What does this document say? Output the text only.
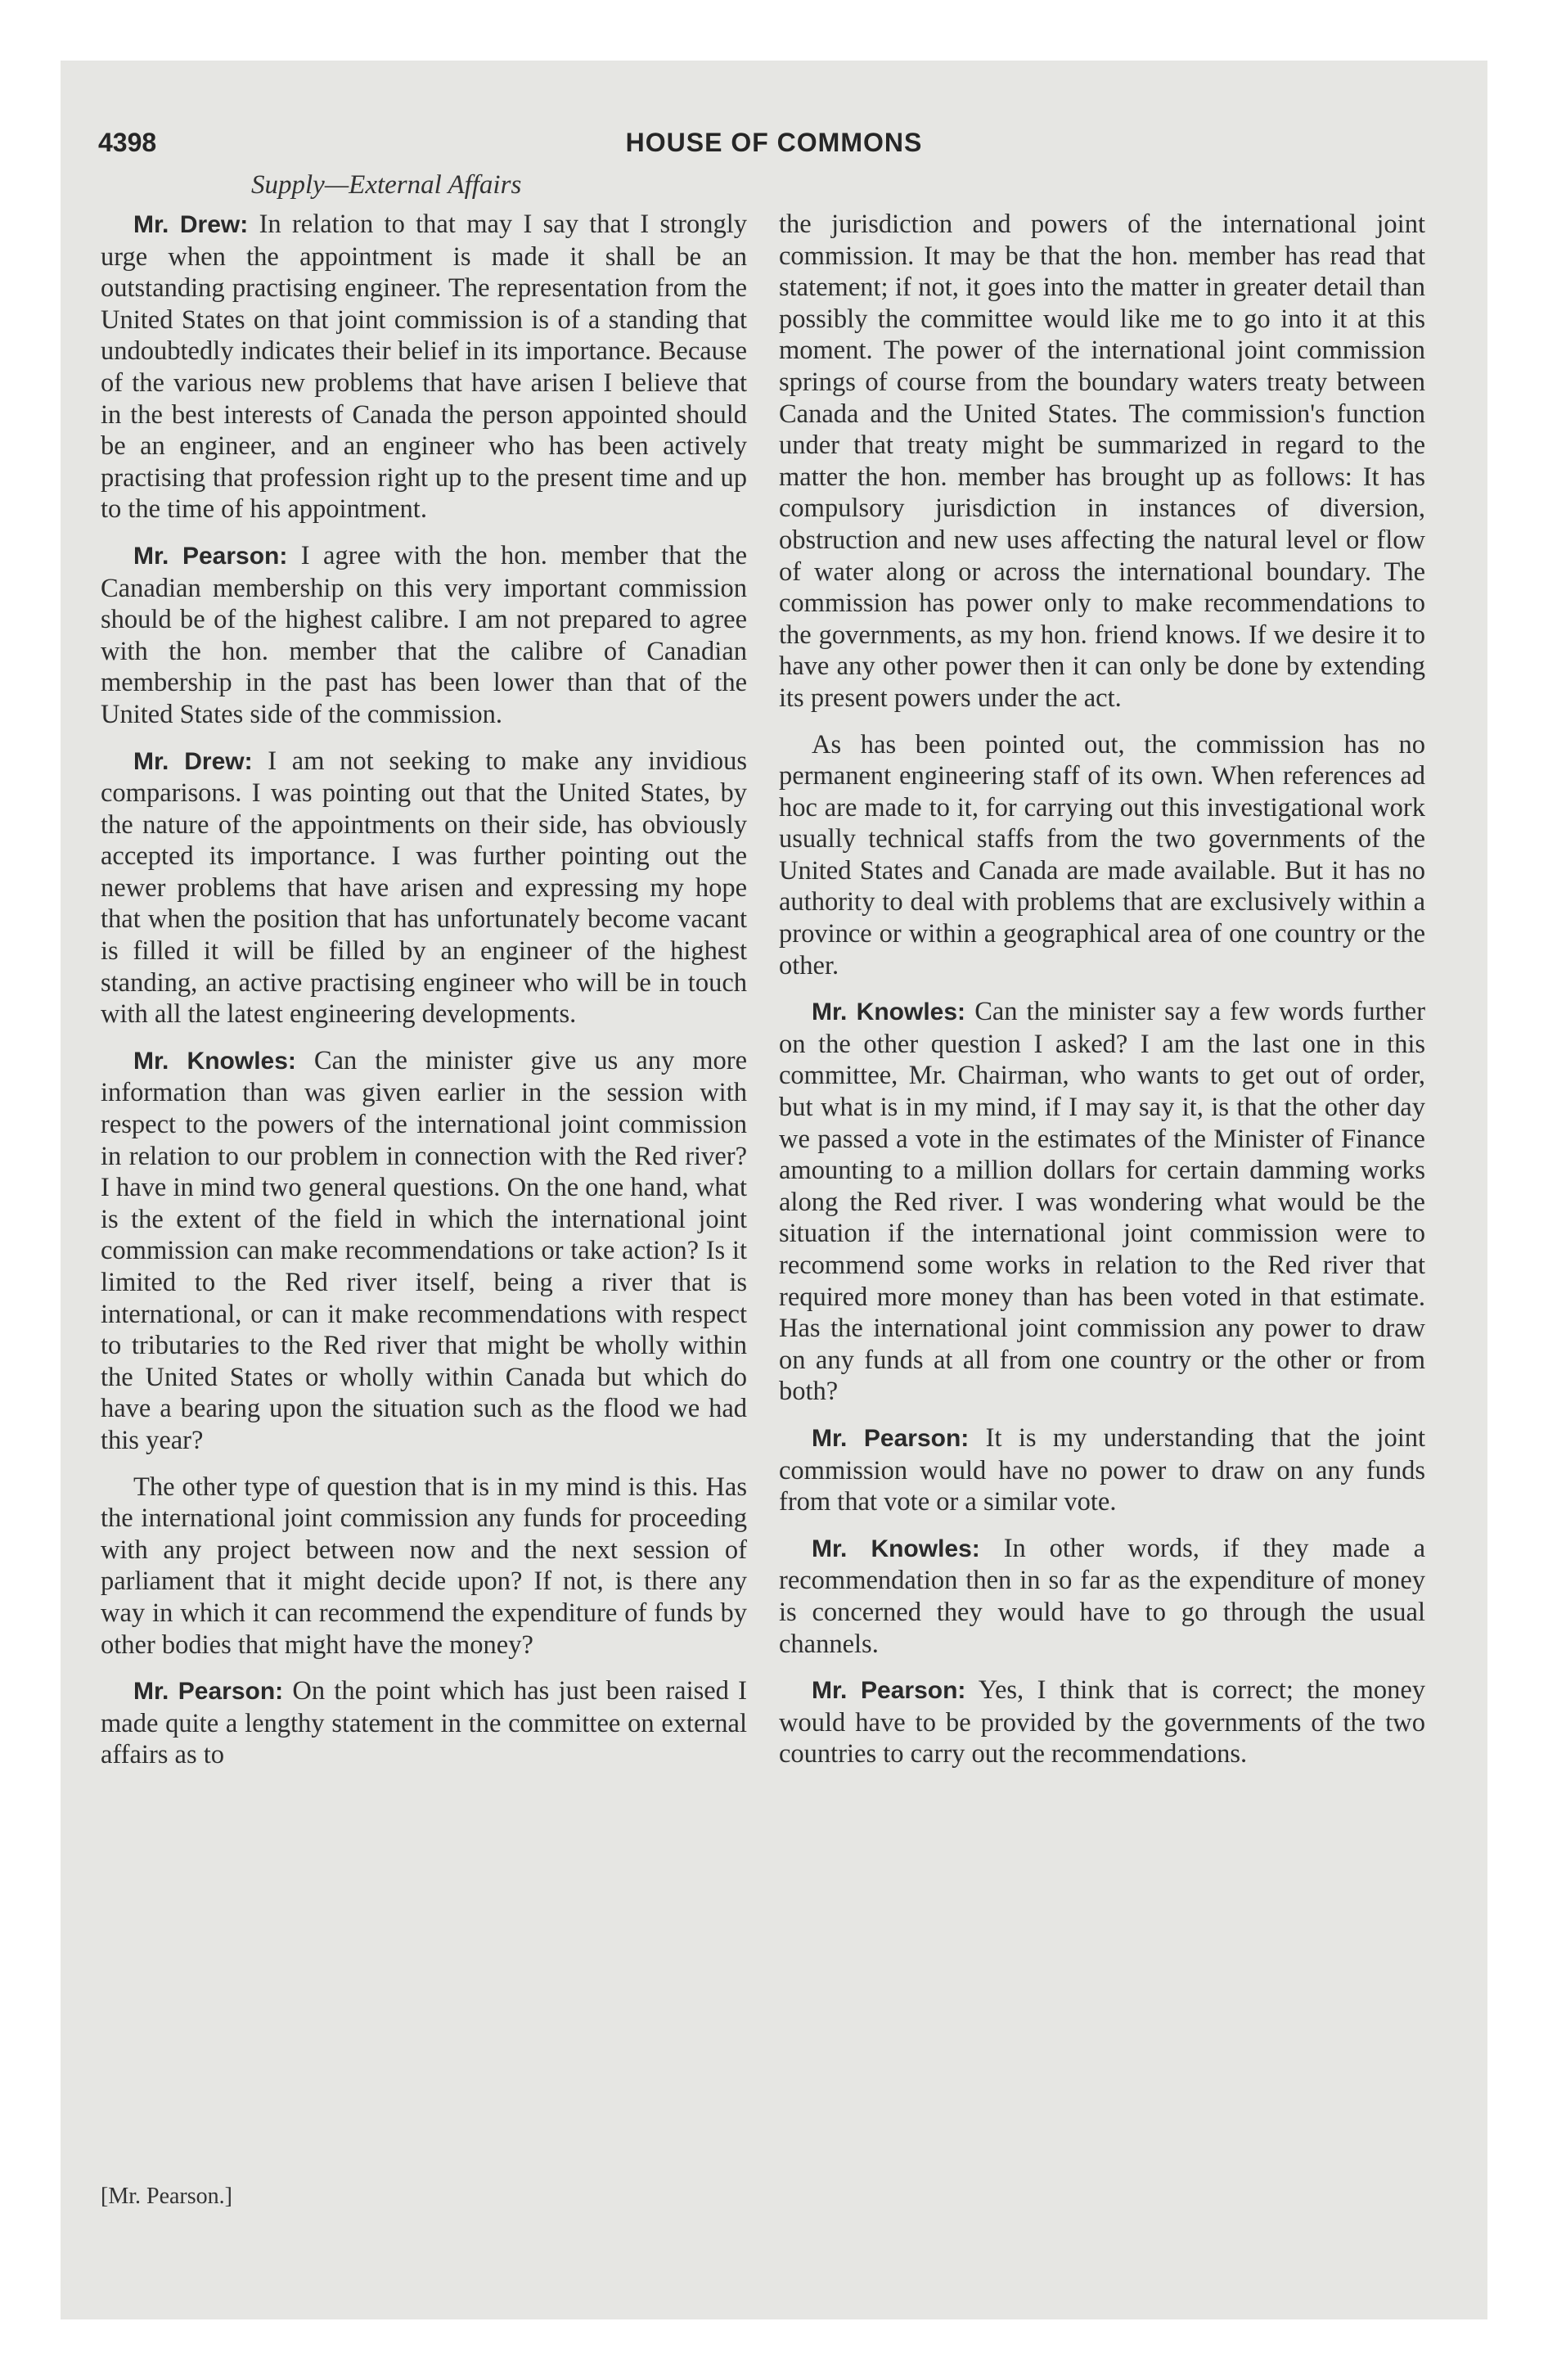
4398	HOUSE OF COMMONS
Supply—External Affairs

Mr. Drew: In relation to that may I say that I strongly urge when the appointment is made it shall be an outstanding practising engineer. The representation from the United States on that joint commission is of a standing that undoubtedly indicates their belief in its importance. Because of the various new problems that have arisen I believe that in the best interests of Canada the person appointed should be an engineer, and an engineer who has been actively practising that profession right up to the present time and up to the time of his appointment.

Mr. Pearson: I agree with the hon. member that the Canadian membership on this very important commission should be of the highest calibre. I am not prepared to agree with the hon. member that the calibre of Canadian membership in the past has been lower than that of the United States side of the commission.

Mr. Drew: I am not seeking to make any invidious comparisons. I was pointing out that the United States, by the nature of the appointments on their side, has obviously accepted its importance. I was further pointing out the newer problems that have arisen and expressing my hope that when the position that has unfortunately become vacant is filled it will be filled by an engineer of the highest standing, an active practising engineer who will be in touch with all the latest engineering developments.

Mr. Knowles: Can the minister give us any more information than was given earlier in the session with respect to the powers of the international joint commission in relation to our problem in connection with the Red river? I have in mind two general questions. On the one hand, what is the extent of the field in which the international joint commission can make recommendations or take action? Is it limited to the Red river itself, being a river that is international, or can it make recommendations with respect to tributaries to the Red river that might be wholly within the United States or wholly within Canada but which do have a bearing upon the situation such as the flood we had this year?

The other type of question that is in my mind is this. Has the international joint commission any funds for proceeding with any project between now and the next session of parliament that it might decide upon? If not, is there any way in which it can recommend the expenditure of funds by other bodies that might have the money?

Mr. Pearson: On the point which has just been raised I made quite a lengthy statement in the committee on external affairs as to

the jurisdiction and powers of the international joint commission. It may be that the hon. member has read that statement; if not, it goes into the matter in greater detail than possibly the committee would like me to go into it at this moment. The power of the international joint commission springs of course from the boundary waters treaty between Canada and the United States. The commission's function under that treaty might be summarized in regard to the matter the hon. member has brought up as follows: It has compulsory jurisdiction in instances of diversion, obstruction and new uses affecting the natural level or flow of water along or across the international boundary. The commission has power only to make recommendations to the governments, as my hon. friend knows. If we desire it to have any other power then it can only be done by extending its present powers under the act.

As has been pointed out, the commission has no permanent engineering staff of its own. When references ad hoc are made to it, for carrying out this investigational work usually technical staffs from the two governments of the United States and Canada are made available. But it has no authority to deal with problems that are exclusively within a province or within a geographical area of one country or the other.

Mr. Knowles: Can the minister say a few words further on the other question I asked? I am the last one in this committee, Mr. Chairman, who wants to get out of order, but what is in my mind, if I may say it, is that the other day we passed a vote in the estimates of the Minister of Finance amounting to a million dollars for certain damming works along the Red river. I was wondering what would be the situation if the international joint commission were to recommend some works in relation to the Red river that required more money than has been voted in that estimate. Has the international joint commission any power to draw on any funds at all from one country or the other or from both?

Mr. Pearson: It is my understanding that the joint commission would have no power to draw on any funds from that vote or a similar vote.

Mr. Knowles: In other words, if they made a recommendation then in so far as the expenditure of money is concerned they would have to go through the usual channels.

Mr. Pearson: Yes, I think that is correct; the money would have to be provided by the governments of the two countries to carry out the recommendations.

[Mr. Pearson.]
